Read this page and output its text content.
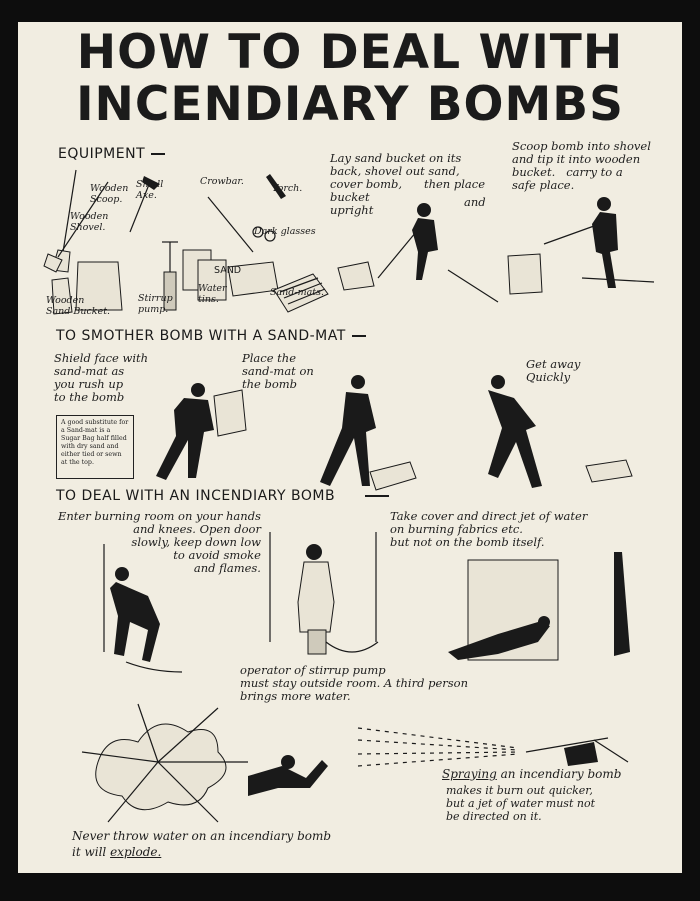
HOW TO DEAL WITH
INCENDIARY BOMBS
EQUIPMENT
Wooden
Scoop.
Small
Axe.
Crowbar.
Torch.
Wooden
Shovel.	Dark glasses
SAND
Wooden
Sand Bucket.
Stirrup
pump.
Water
tins.
Sand-mats.
Lay sand bucket on its
back, shovel out sand,
cover bomb,      then place
bucket
upright
and
Scoop bomb into shovel
and tip it into wooden
bucket.   carry to a
safe place.
TO SMOTHER BOMB WITH A SAND-MAT
Shield face with
sand-mat as
you rush up
to the bomb
Place the
sand-mat on
the bomb
Get away
Quickly
A good substitute for a Sand-mat is a Sugar Bag half filled with dry sand and either tied or sewn at the top.
TO DEAL WITH AN INCENDIARY BOMB
Enter burning room on your hands
and knees. Open door
slowly, keep down low
to avoid smoke
and flames.
Take cover and direct jet of water
on burning fabrics etc.
but not on the bomb itself.
operator of stirrup pump
must stay outside room. A third person
brings more water.
Spraying an incendiary bomb
makes it burn out quicker,
but a jet of water must not
be directed on it.
Never throw water on an incendiary bomb
it will explode.
